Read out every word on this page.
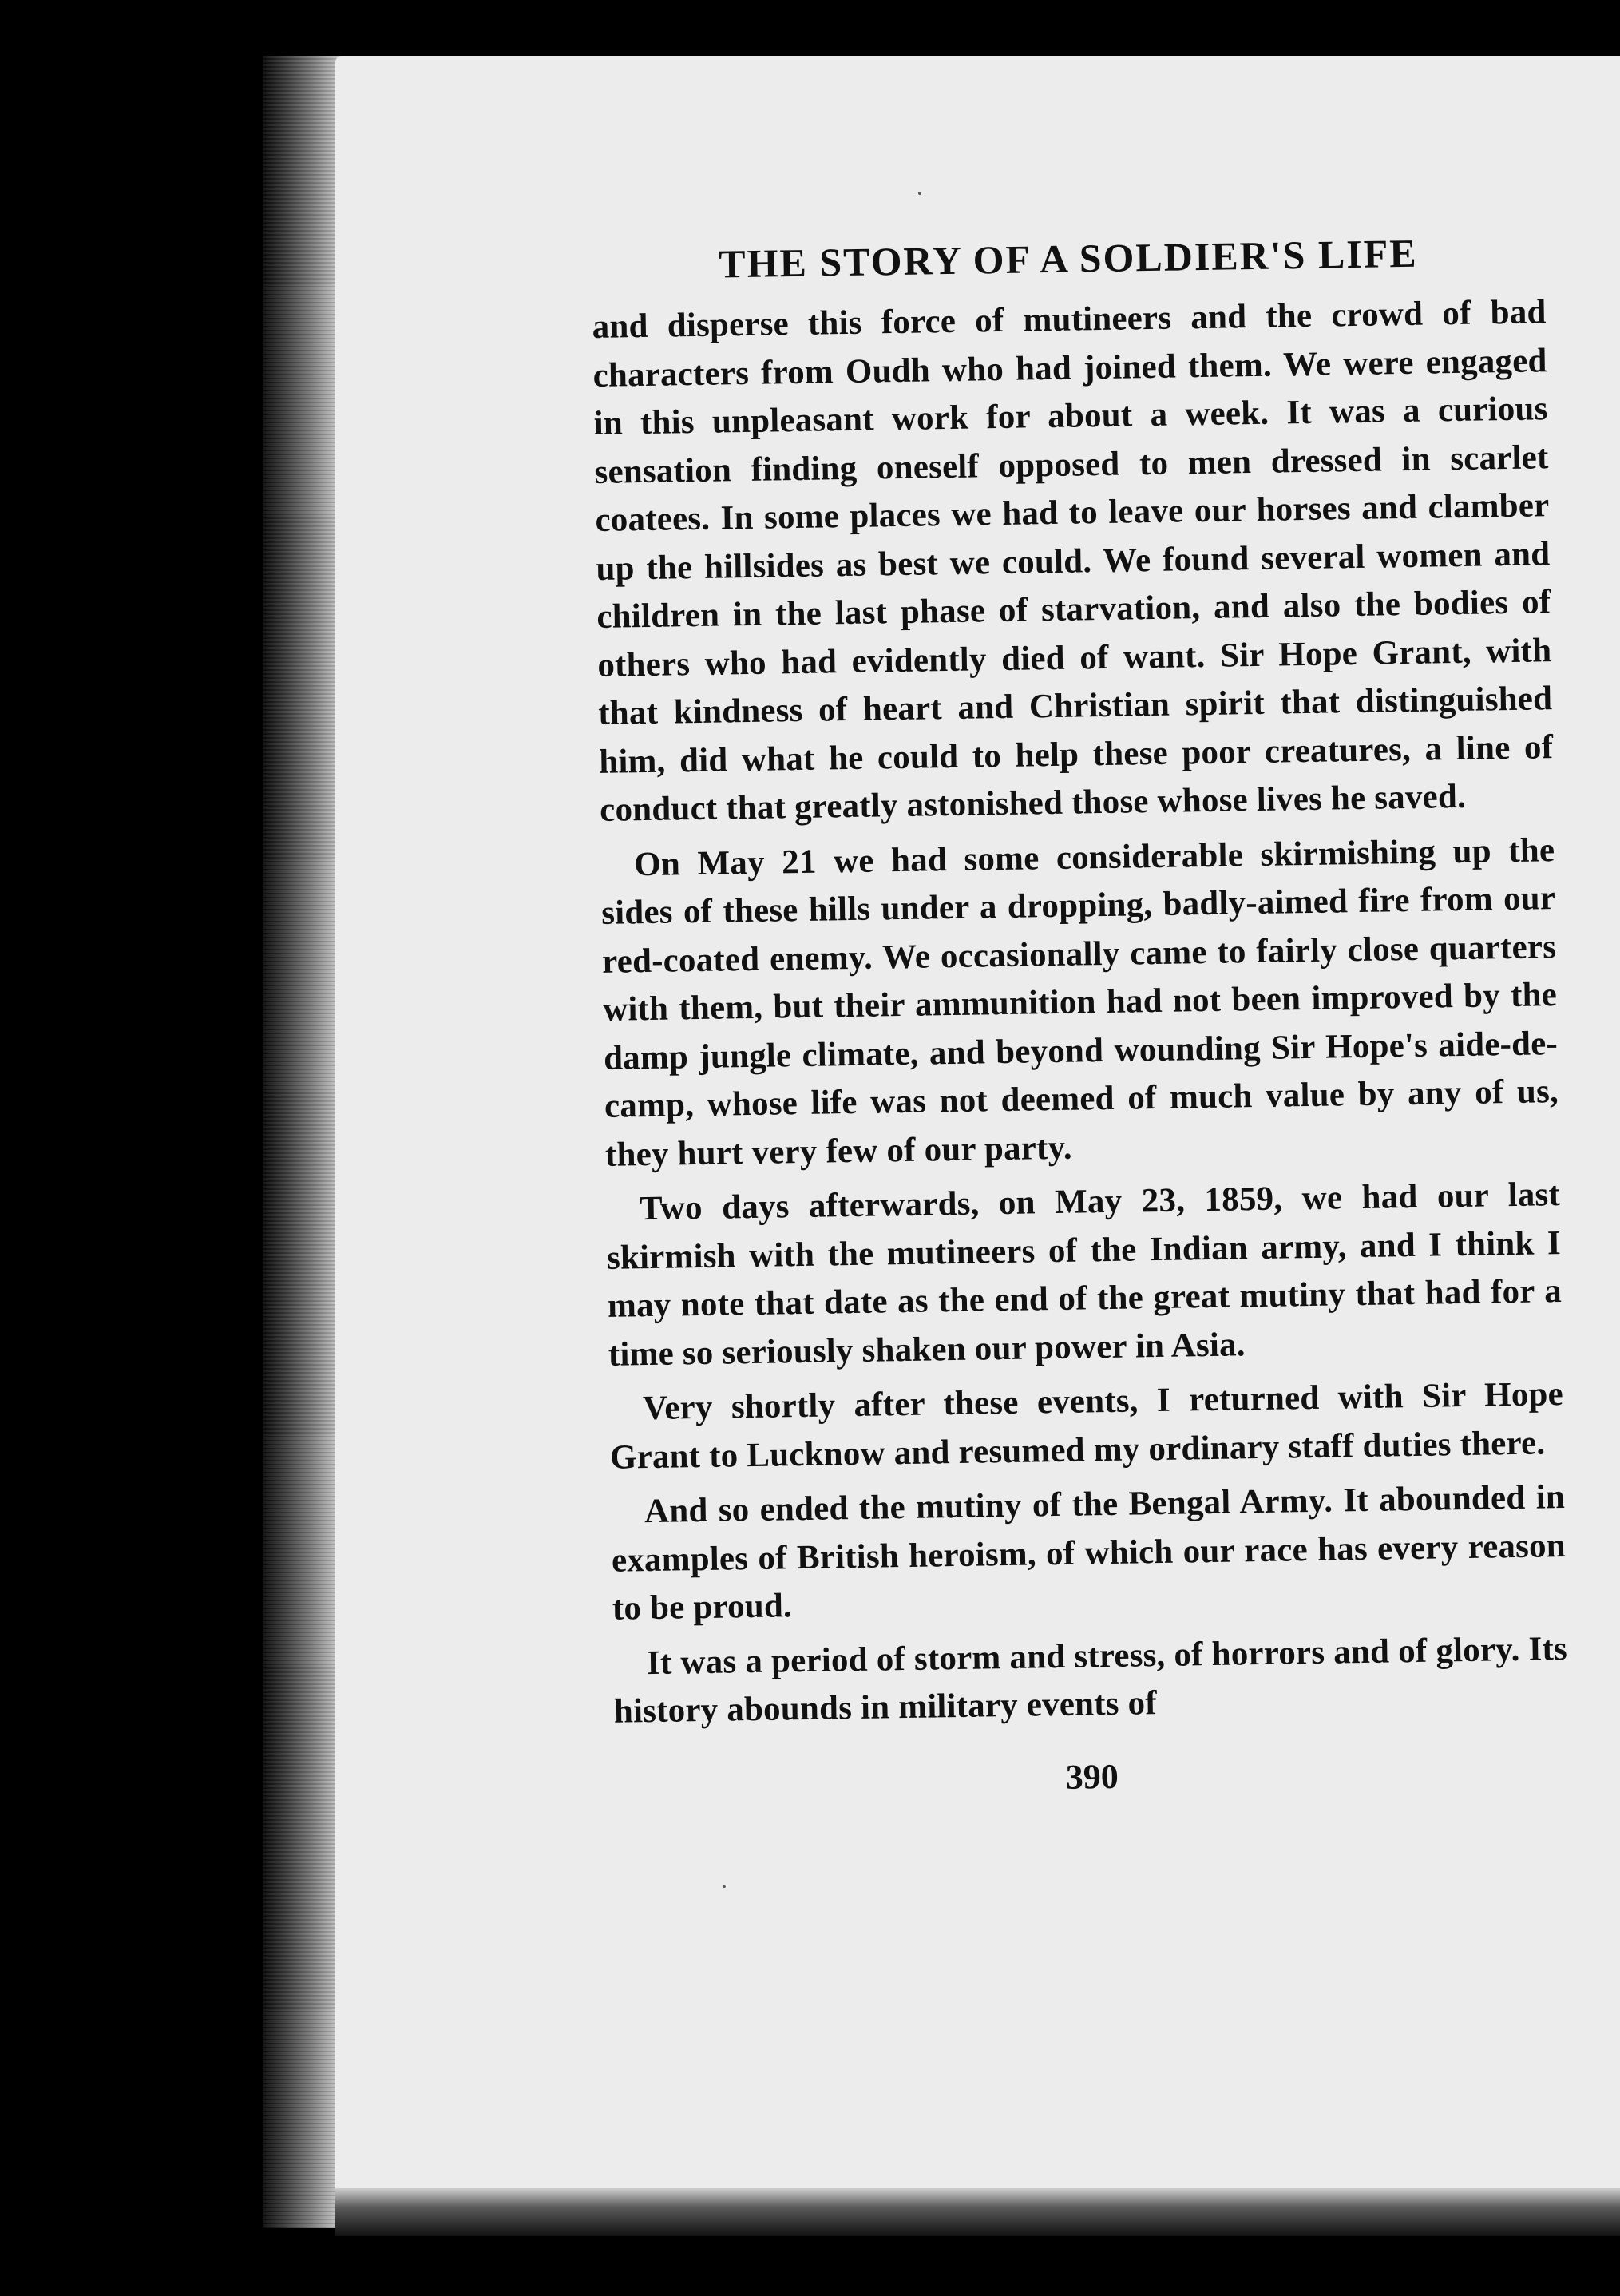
THE STORY OF A SOLDIER'S LIFE

and disperse this force of mutineers and the crowd of bad characters from Oudh who had joined them. We were engaged in this unpleasant work for about a week. It was a curious sensation finding oneself opposed to men dressed in scarlet coatees. In some places we had to leave our horses and clamber up the hillsides as best we could. We found several women and children in the last phase of starvation, and also the bodies of others who had evidently died of want. Sir Hope Grant, with that kindness of heart and Christian spirit that distinguished him, did what he could to help these poor creatures, a line of conduct that greatly astonished those whose lives he saved.

On May 21 we had some considerable skirmishing up the sides of these hills under a dropping, badly-aimed fire from our red-coated enemy. We occasionally came to fairly close quarters with them, but their ammunition had not been improved by the damp jungle climate, and beyond wounding Sir Hope's aide-de-camp, whose life was not deemed of much value by any of us, they hurt very few of our party.

Two days afterwards, on May 23, 1859, we had our last skirmish with the mutineers of the Indian army, and I think I may note that date as the end of the great mutiny that had for a time so seriously shaken our power in Asia.

Very shortly after these events, I returned with Sir Hope Grant to Lucknow and resumed my ordinary staff duties there.

And so ended the mutiny of the Bengal Army. It abounded in examples of British heroism, of which our race has every reason to be proud.

It was a period of storm and stress, of horrors and of glory. Its history abounds in military events of

390
